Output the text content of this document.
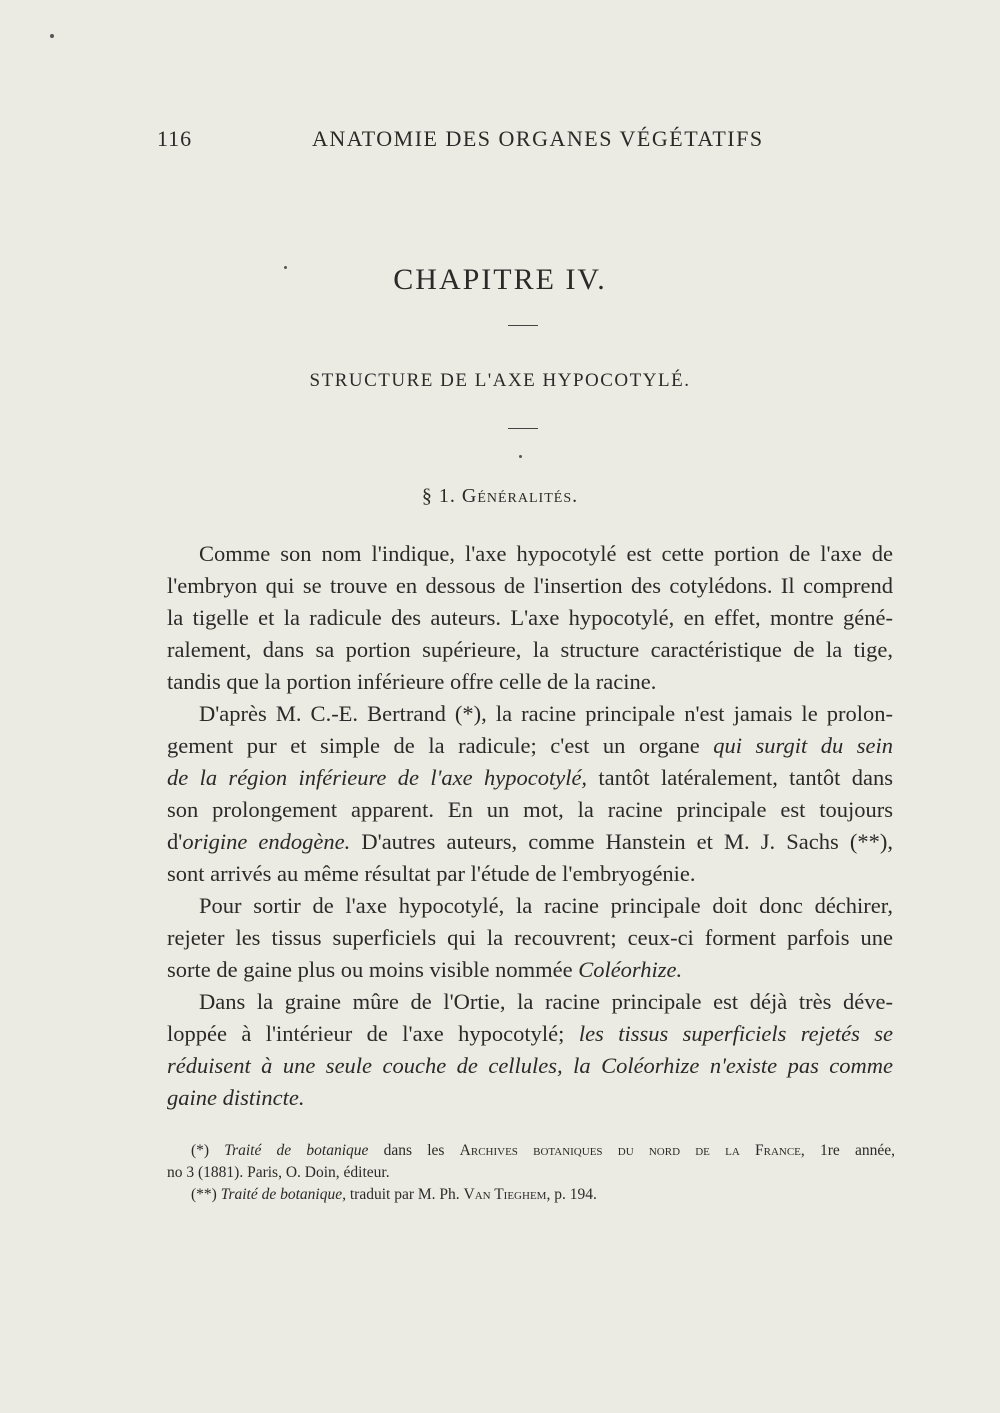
116	ANATOMIE DES ORGANES VÉGÉTATIFS
CHAPITRE IV.
STRUCTURE DE L'AXE HYPOCOTYLÉ.
§ 1. Généralités.
Comme son nom l'indique, l'axe hypocotylé est cette portion de l'axe de
l'embryon qui se trouve en dessous de l'insertion des cotylédons. Il comprend
la tigelle et la radicule des auteurs. L'axe hypocotylé, en effet, montre géné-
ralement, dans sa portion supérieure, la structure caractéristique de la tige,
tandis que la portion inférieure offre celle de la racine.
D'après M. C.-E. Bertrand (*), la racine principale n'est jamais le prolon-
gement pur et simple de la radicule; c'est un organe qui surgit du sein
de la région inférieure de l'axe hypocotylé, tantôt latéralement, tantôt dans
son prolongement apparent. En un mot, la racine principale est toujours
d'origine endogène. D'autres auteurs, comme Hanstein et M. J. Sachs (**),
sont arrivés au même résultat par l'étude de l'embryogénie.
Pour sortir de l'axe hypocotylé, la racine principale doit donc déchirer,
rejeter les tissus superficiels qui la recouvrent; ceux-ci forment parfois une
sorte de gaine plus ou moins visible nommée Coléorhize.
Dans la graine mûre de l'Ortie, la racine principale est déjà très déve-
loppée à l'intérieur de l'axe hypocotylé; les tissus superficiels rejetés se
réduisent à une seule couche de cellules, la Coléorhize n'existe pas comme
gaine distincte.
(*) Traité de botanique dans les Archives botaniques du nord de la France, 1re année,
no 3 (1881). Paris, O. Doin, éditeur.
(**) Traité de botanique, traduit par M. Ph. Van Tieghem, p. 194.
